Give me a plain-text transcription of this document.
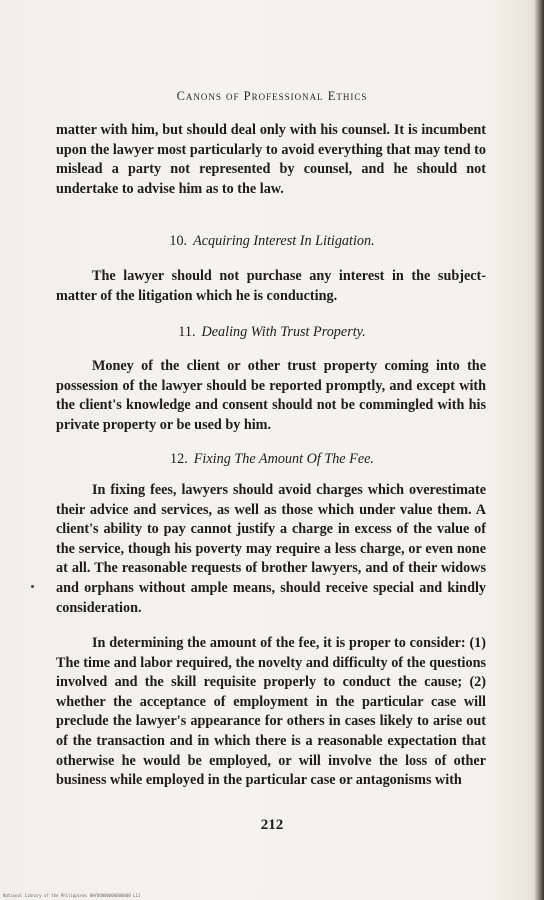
Canons of Professional Ethics
matter with him, but should deal only with his counsel. It is incumbent upon the lawyer most particularly to avoid everything that may tend to mislead a party not represented by counsel, and he should not undertake to advise him as to the law.
10. Acquiring Interest In Litigation.
The lawyer should not purchase any interest in the subject-matter of the litigation which he is conducting.
11. Dealing With Trust Property.
Money of the client or other trust property coming into the possession of the lawyer should be reported promptly, and except with the client's knowledge and consent should not be commingled with his private property or be used by him.
12. Fixing The Amount Of The Fee.
In fixing fees, lawyers should avoid charges which overestimate their advice and services, as well as those which under value them. A client's ability to pay cannot justify a charge in excess of the value of the service, though his poverty may require a less charge, or even none at all. The reasonable requests of brother lawyers, and of their widows and orphans without ample means, should receive special and kindly consideration.
In determining the amount of the fee, it is proper to consider: (1) The time and labor required, the novelty and difficulty of the questions involved and the skill requisite properly to conduct the cause; (2) whether the acceptance of employment in the particular case will preclude the lawyer's appearance for others in cases likely to arise out of the transaction and in which there is a reasonable expectation that otherwise he would be employed, or will involve the loss of other business while employed in the particular case or antagonisms with
212
National Library of the Philippines 0HY00000000000000 L11
